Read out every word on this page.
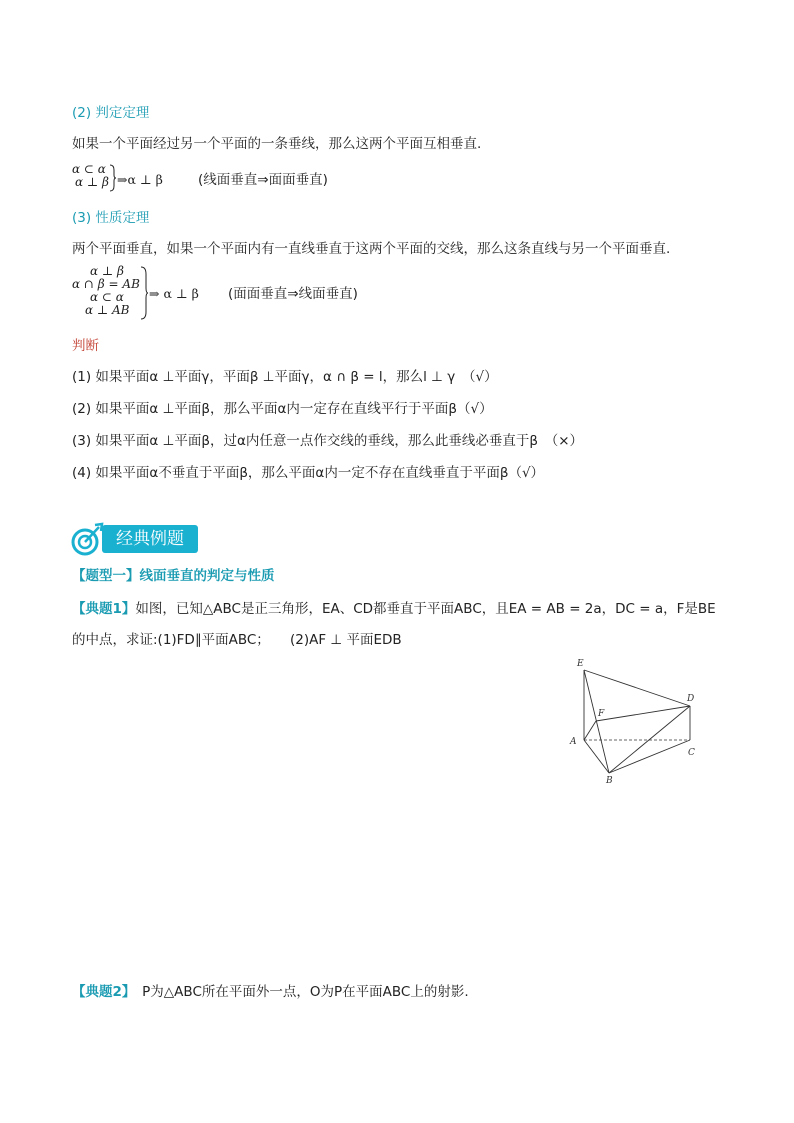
(2) 判定定理
如果一个平面经过另一个平面的一条垂线，那么这两个平面互相垂直.
α ⊂ α
α ⊥ β ⇒α ⊥ β	(线面垂直⇒面面垂直)
(3) 性质定理
两个平面垂直，如果一个平面内有一直线垂直于这两个平面的交线，那么这条直线与另一个平面垂直.
α ⊥ β
α ∩ β = AB
α ⊂ α
α ⊥ AB
⇒ α ⊥ β (面面垂直⇒线面垂直)
判断
(1) 如果平面α ⊥平面γ，平面β ⊥平面γ，α ∩ β = l，那么l ⊥ γ　（√）
(2) 如果平面α ⊥平面β，那么平面α内一定存在直线平行于平面β（√）
(3) 如果平面α ⊥平面β，过α内任意一点作交线的垂线，那么此垂线必垂直于β　（×）
(4) 如果平面α不垂直于平面β，那么平面α内一定不存在直线垂直于平面β（√）
经典例题
【题型一】线面垂直的判定与性质
【典题1】如图，已知△ABC是正三角形，EA、CD都垂直于平面ABC，且EA = AB = 2a，DC = a，F是BE
的中点，求证:(1)FD∥平面ABC；　　(2)AF ⊥ 平面EDB
E
D
F
A
C
B
【典题2】　 P为△ABC所在平面外一点，O为P在平面ABC上的射影.
